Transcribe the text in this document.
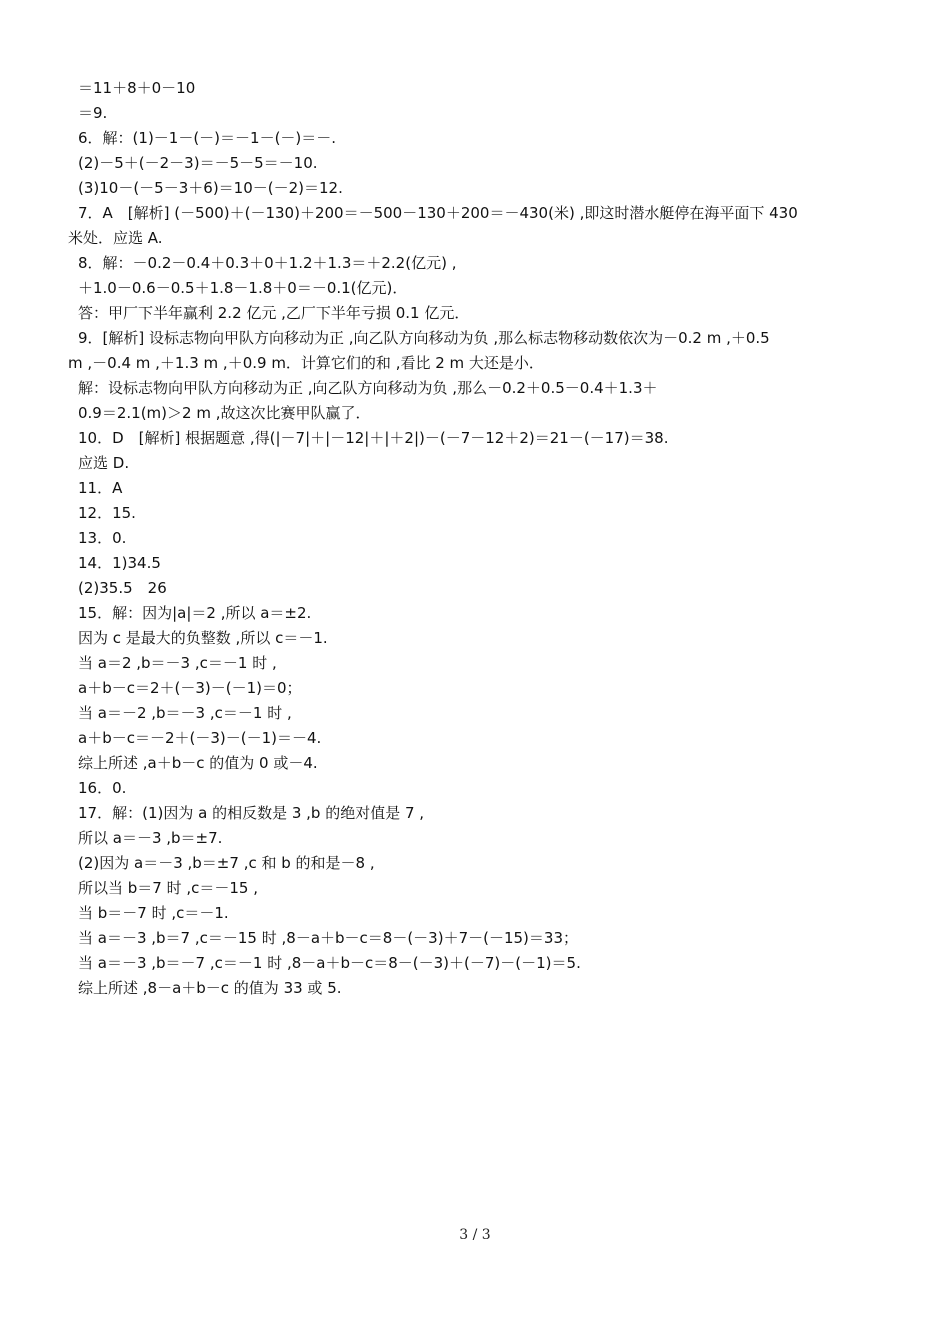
＝11＋8＋0－10
＝9.
6．解：(1)－1－(－)＝－1－(－)＝－.
(2)－5＋(－2－3)＝－5－5＝－10.
(3)10－(－5－3＋6)＝10－(－2)＝12.
7．A　[解析] (－500)＋(－130)＋200＝－500－130＋200＝－430(米) ,即这时潜水艇停在海平面下 430
米处．应选 A.
8．解：－0.2－0.4＋0.3＋0＋1.2＋1.3＝＋2.2(亿元) ,
＋1.0－0.6－0.5＋1.8－1.8＋0＝－0.1(亿元)．
答：甲厂下半年赢利 2.2 亿元 ,乙厂下半年亏损 0.1 亿元．
9．[解析] 设标志物向甲队方向移动为正 ,向乙队方向移动为负 ,那么标志物移动数依次为－0.2 m ,＋0.5
m ,－0.4 m ,＋1.3 m ,＋0.9 m．计算它们的和 ,看比 2 m 大还是小．
解：设标志物向甲队方向移动为正 ,向乙队方向移动为负 ,那么－0.2＋0.5－0.4＋1.3＋
0.9＝2.1(m)＞2 m ,故这次比赛甲队赢了．
10．D　[解析] 根据题意 ,得(|－7|＋|－12|＋|＋2|)－(－7－12＋2)＝21－(－17)＝38.
应选 D.
11．A
12．15.
13．0.
14．1)34.5
(2)35.5　26
15．解：因为|a|＝2 ,所以 a＝±2.
因为 c 是最大的负整数 ,所以 c＝－1.
当 a＝2 ,b＝－3 ,c＝－1 时 ,
a＋b－c＝2＋(－3)－(－1)＝0；
当 a＝－2 ,b＝－3 ,c＝－1 时 ,
a＋b－c＝－2＋(－3)－(－1)＝－4.
综上所述 ,a＋b－c 的值为 0 或－4.
16．0.
17．解：(1)因为 a 的相反数是 3 ,b 的绝对值是 7 ,
所以 a＝－3 ,b＝±7.
(2)因为 a＝－3 ,b＝±7 ,c 和 b 的和是－8 ,
所以当 b＝7 时 ,c＝－15 ,
当 b＝－7 时 ,c＝－1.
当 a＝－3 ,b＝7 ,c＝－15 时 ,8－a＋b－c＝8－(－3)＋7－(－15)＝33；
当 a＝－3 ,b＝－7 ,c＝－1 时 ,8－a＋b－c＝8－(－3)＋(－7)－(－1)＝5.
综上所述 ,8－a＋b－c 的值为 33 或 5.
3 / 3
